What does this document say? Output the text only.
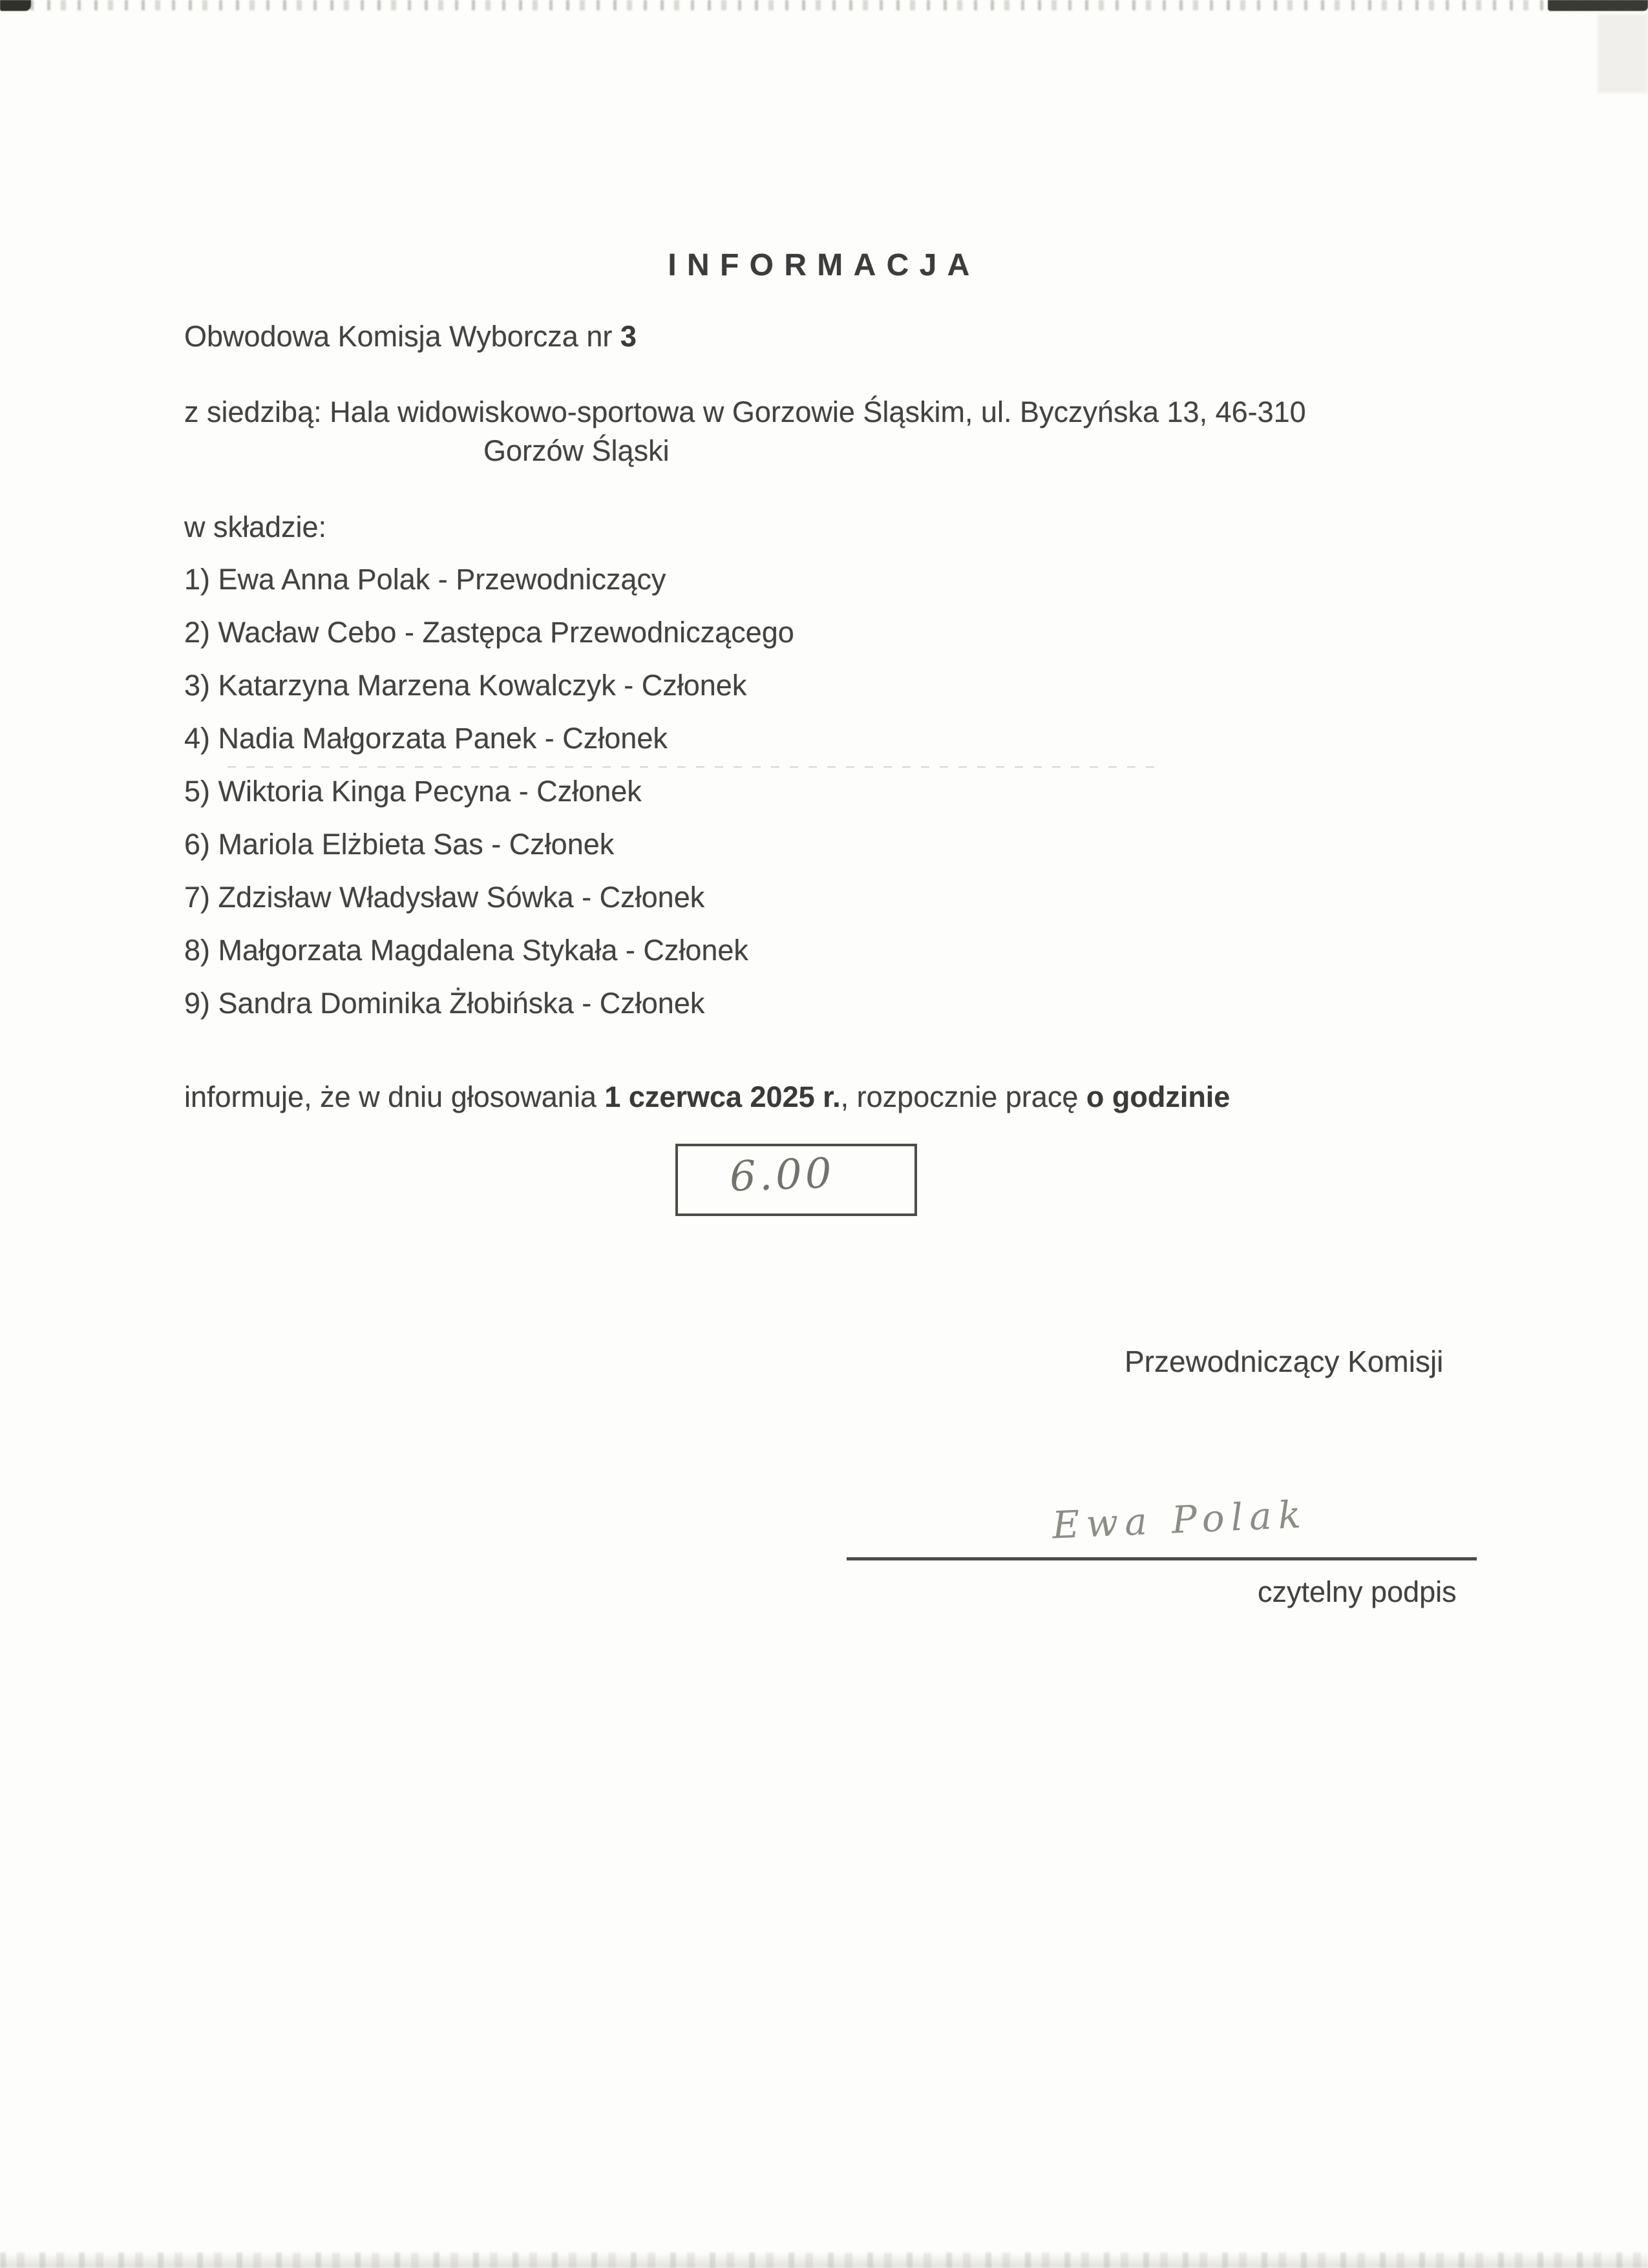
INFORMACJA
Obwodowa Komisja Wyborcza nr 3
z siedzibą: Hala widowiskowo-sportowa w Gorzowie Śląskim, ul. Byczyńska 13, 46-310
Gorzów Śląski
w składzie:
1) Ewa Anna Polak - Przewodniczący
2) Wacław Cebo - Zastępca Przewodniczącego
3) Katarzyna Marzena Kowalczyk - Członek
4) Nadia Małgorzata Panek - Członek
5) Wiktoria Kinga Pecyna - Członek
6) Mariola Elżbieta Sas - Członek
7) Zdzisław Władysław Sówka - Członek
8) Małgorzata Magdalena Stykała - Członek
9) Sandra Dominika Żłobińska - Członek
informuje, że w dniu głosowania 1 czerwca 2025 r., rozpocznie pracę o godzinie
6.00
Przewodniczący Komisji
Ewa Polak
czytelny podpis
